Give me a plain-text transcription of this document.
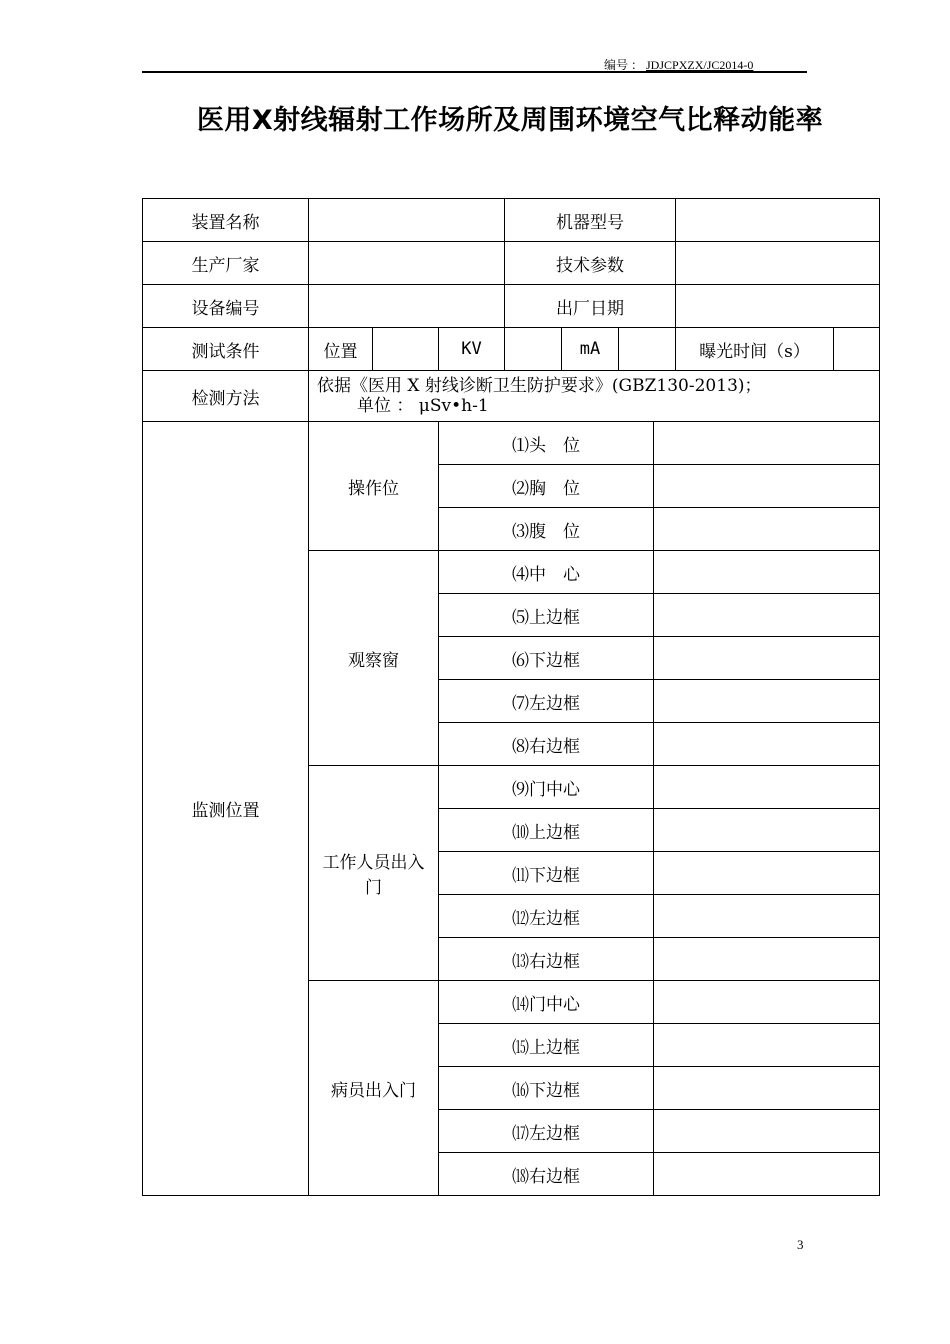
编号 ： JDJCPXZX/JC2014-0
医用X射线辐射工作场所及周围环境空气比释动能率
装置名称				机器型号					
生产厂家				技术参数					
设备编号				出厂日期					
测试条件	位置		KV		mA			曝光时间（s）	
检测方法	依据《医用 X 射线诊断卫生防护要求》(GBZ130-2013)；
单位 ： μSv•h-1								

监测位置	操作位		⑴头　位						
			⑵胸　位						
			⑶腹　位						
	观察窗		⑷中　心						
			⑸上边框						
			⑹下边框						
			⑺左边框						
			⑻右边框						
	工作人员出入门		⑼门中心						
			⑽上边框						
			⑾下边框						
			⑿左边框						
			⒀右边框						
	病员出入门		⒁门中心						
			⒂上边框						
			⒃下边框						
			⒄左边框						
			⒅右边框						
3
